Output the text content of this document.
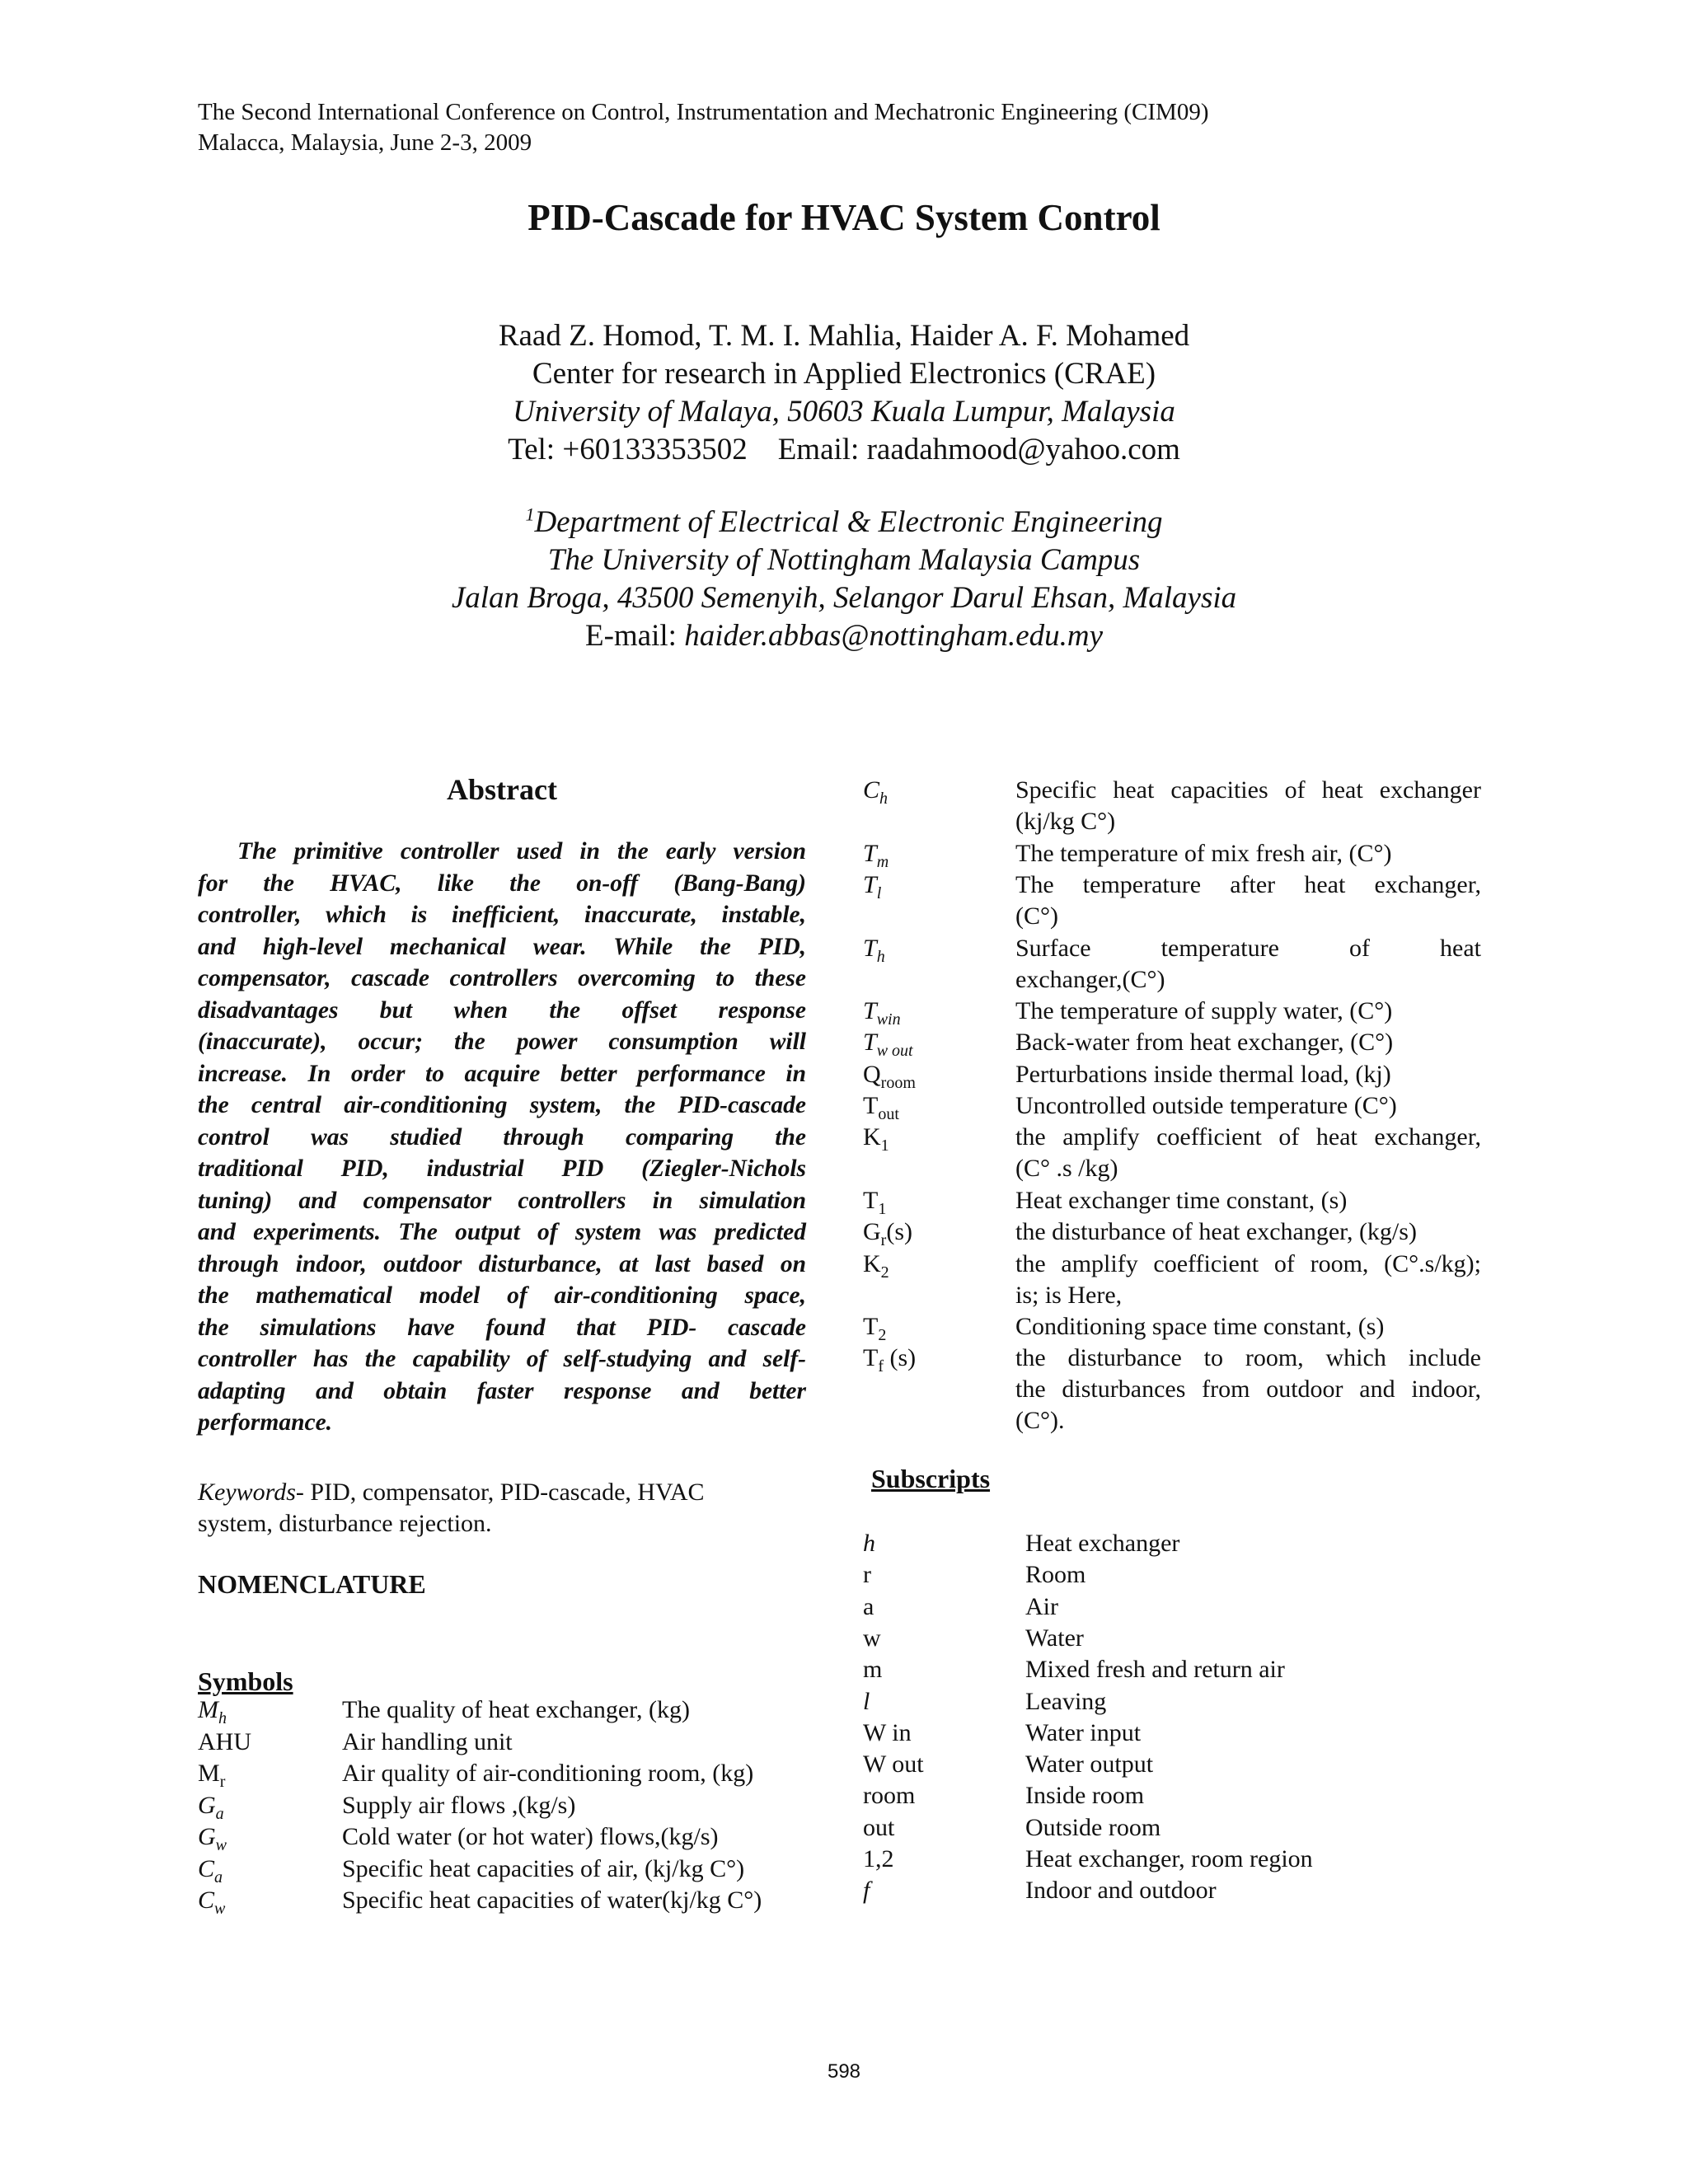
The Second International Conference on Control, Instrumentation and Mechatronic Engineering (CIM09)
Malacca, Malaysia, June 2-3, 2009
PID-Cascade for HVAC System Control
Raad Z. Homod, T. M. I. Mahlia, Haider A. F. Mohamed
Center for research in Applied Electronics (CRAE)
University of Malaya, 50603 Kuala Lumpur, Malaysia
Tel: +60133353502    Email: raadahmood@yahoo.com
$^1$Department of Electrical & Electronic Engineering
The University of Nottingham Malaysia Campus
Jalan Broga, 43500 Semenyih, Selangor Darul Ehsan, Malaysia
E-mail: haider.abbas@nottingham.edu.my
Abstract
The primitive controller used in the early version
for the HVAC, like the on-off (Bang-Bang)
controller, which is inefficient, inaccurate, instable,
and high-level mechanical wear. While the PID,
compensator, cascade controllers overcoming to these
disadvantages but when the offset response
(inaccurate), occur; the power consumption will
increase. In order to acquire better performance in
the central air-conditioning system, the PID-cascade
control was studied through comparing the
traditional PID, industrial PID (Ziegler-Nichols
tuning) and compensator controllers in simulation
and experiments. The output of system was predicted
through indoor, outdoor disturbance, at last based on
the mathematical model of air-conditioning space,
the simulations have found that PID- cascade
controller has the capability of self-studying and self-
adapting and obtain faster response and better
performance.
Keywords- PID, compensator, PID-cascade, HVAC
system, disturbance rejection.
NOMENCLATURE
Symbols
$M_h$	The quality of heat exchanger, (kg)
AHU	Air handling unit
$M_r$	Air quality of air-conditioning room, (kg)
$G_a$	Supply air flows ,(kg/s)
$G_w$	Cold water (or hot water) flows,(kg/s)
$C_a$	Specific heat capacities of air, (kj/kg C°)
$C_w$	Specific heat capacities of water(kj/kg C°)
$C_h$	Specific heat capacities of heat exchanger
(kj/kg C°)
$T_m$	The temperature of mix fresh air, (C°)
$T_l$	The temperature after heat exchanger,
(C°)
$T_h$	Surface temperature of heat
exchanger,(C°)
$T_{win}$	The temperature of supply water, (C°)
$T_{w out}$	Back-water from heat exchanger, (C°)
$Q_{room}$	Perturbations inside thermal load, (kj)
$T_{out}$	Uncontrolled outside temperature (C°)
$K_1$	the amplify coefficient of heat exchanger,
(C° .s /kg)
$T_1$	Heat exchanger time constant, (s)
$G_r(s)$	the disturbance of heat exchanger, (kg/s)
$K_2$	the amplify coefficient of room, (C°.s/kg);
is; is Here,
$T_2$	Conditioning space time constant, (s)
$T_f$ (s)	the disturbance to room, which include
the disturbances from outdoor and indoor,
(C°).
Subscripts
h	Heat exchanger
r	Room
a	Air
w	Water
m	Mixed fresh and return air
l	Leaving
W in	Water input
W out	Water output
room	Inside room
out	Outside room
1,2	Heat exchanger, room region
f	Indoor and outdoor
598
